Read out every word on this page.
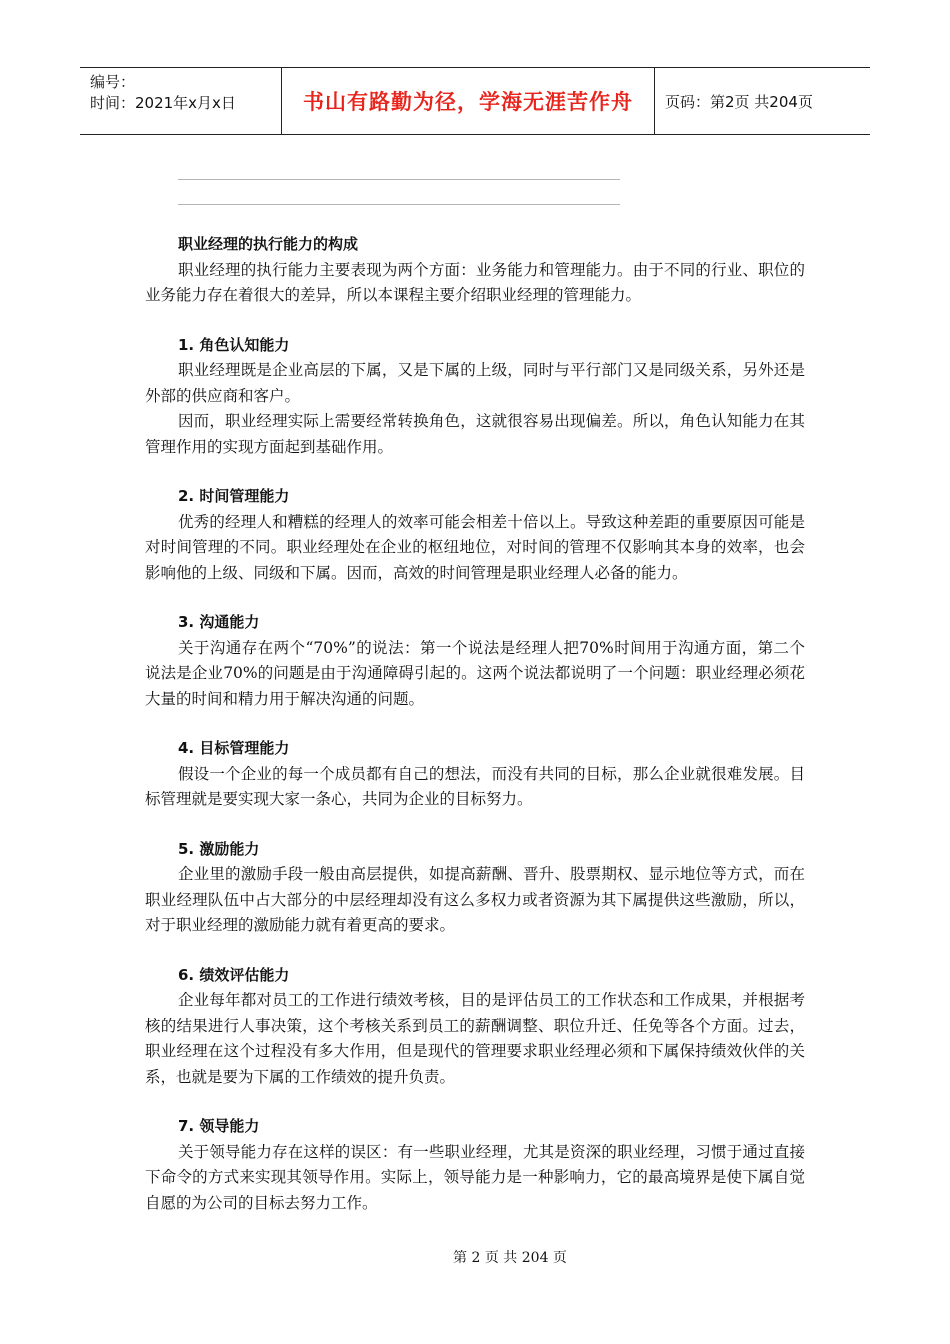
编号：
时间：2021年x月x日	书山有路勤为径，学海无涯苦作舟	页码：第2页 共204页
职业经理的执行能力的构成

职业经理的执行能力主要表现为两个方面：业务能力和管理能力。由于不同的行业、职位的业务能力存在着很大的差异，所以本课程主要介绍职业经理的管理能力。

1. 角色认知能力

职业经理既是企业高层的下属，又是下属的上级，同时与平行部门又是同级关系，另外还是外部的供应商和客户。

因而，职业经理实际上需要经常转换角色，这就很容易出现偏差。所以，角色认知能力在其管理作用的实现方面起到基础作用。

2. 时间管理能力

优秀的经理人和糟糕的经理人的效率可能会相差十倍以上。导致这种差距的重要原因可能是对时间管理的不同。职业经理处在企业的枢纽地位，对时间的管理不仅影响其本身的效率，也会影响他的上级、同级和下属。因而，高效的时间管理是职业经理人必备的能力。

3. 沟通能力

关于沟通存在两个“70%”的说法：第一个说法是经理人把70%时间用于沟通方面，第二个说法是企业70%的问题是由于沟通障碍引起的。这两个说法都说明了一个问题：职业经理必须花大量的时间和精力用于解决沟通的问题。

4. 目标管理能力

假设一个企业的每一个成员都有自己的想法，而没有共同的目标，那么企业就很难发展。目标管理就是要实现大家一条心，共同为企业的目标努力。

5. 激励能力

企业里的激励手段一般由高层提供，如提高薪酬、晋升、股票期权、显示地位等方式，而在职业经理队伍中占大部分的中层经理却没有这么多权力或者资源为其下属提供这些激励，所以，对于职业经理的激励能力就有着更高的要求。

6. 绩效评估能力

企业每年都对员工的工作进行绩效考核，目的是评估员工的工作状态和工作成果，并根据考核的结果进行人事决策，这个考核关系到员工的薪酬调整、职位升迁、任免等各个方面。过去，职业经理在这个过程没有多大作用，但是现代的管理要求职业经理必须和下属保持绩效伙伴的关系，也就是要为下属的工作绩效的提升负责。

7. 领导能力

关于领导能力存在这样的误区：有一些职业经理，尤其是资深的职业经理，习惯于通过直接下命令的方式来实现其领导作用。实际上，领导能力是一种影响力，它的最高境界是使下属自觉自愿的为公司的目标去努力工作。

第 2 页 共 204 页
